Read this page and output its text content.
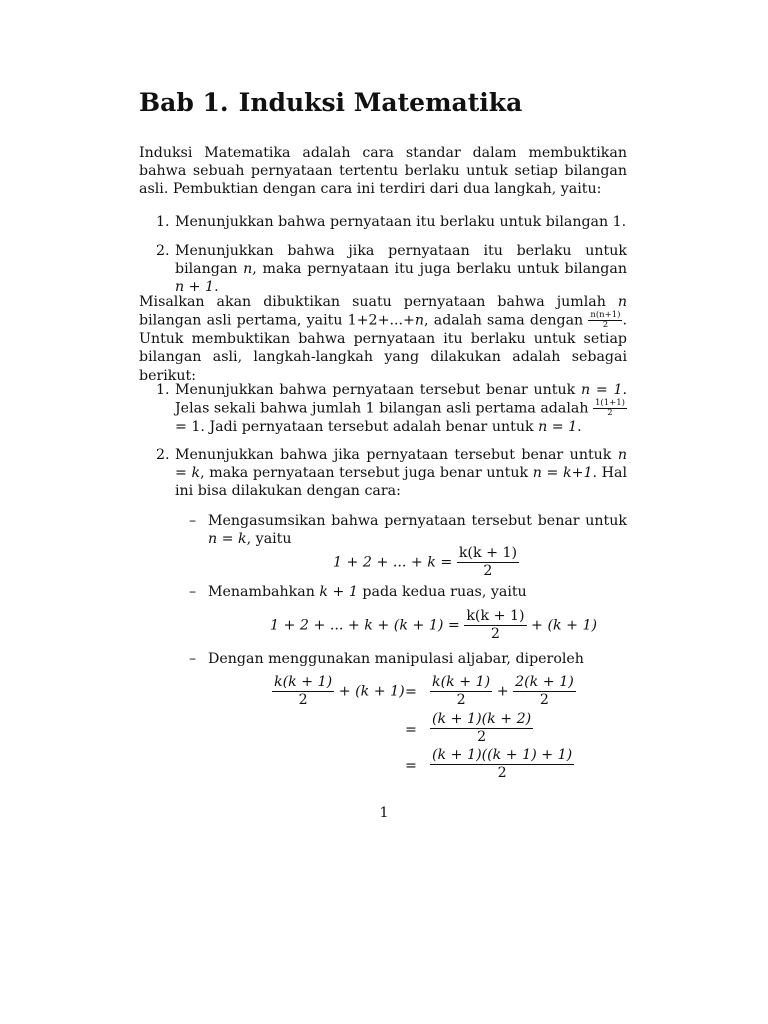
Bab 1. Induksi Matematika

Induksi Matematika adalah cara standar dalam membuktikan bahwa sebuah pernyataan tertentu berlaku untuk setiap bilangan asli. Pembuktian dengan cara ini terdiri dari dua langkah, yaitu:

1. Menunjukkan bahwa pernyataan itu berlaku untuk bilangan 1.
2. Menunjukkan bahwa jika pernyataan itu berlaku untuk bilangan n, maka pernyataan itu juga berlaku untuk bilangan n + 1.

Misalkan akan dibuktikan suatu pernyataan bahwa jumlah n bilangan asli pertama, yaitu 1+2+...+n, adalah sama dengan $\frac{n(n+1)}{2}$ . Untuk membuktikan bahwa pernyataan itu berlaku untuk setiap bilangan asli, langkah-langkah yang dilakukan adalah sebagai berikut:

1. Menunjukkan bahwa pernyataan tersebut benar untuk n = 1. Jelas sekali bahwa jumlah 1 bilangan asli pertama adalah $\frac{1(1+1)}{2}$
= 1. Jadi pernyataan tersebut adalah benar untuk n = 1.
2. Menunjukkan bahwa jika pernyataan tersebut benar untuk n = k, maka pernyataan tersebut juga benar untuk n = k+1. Hal ini bisa dilakukan dengan cara:
– Mengasumsikan bahwa pernyataan tersebut benar untuk n = k, yaitu
1 + 2 + ... + $k = \frac{k(k + 1)}{2}$
– Menambahkan k + 1 pada kedua ruas, yaitu
1 + 2 + ... + $k + (k + 1) = \frac{k(k + 1)}{2} + (k + 1)$
– Dengan menggunakan manipulasi aljabar, diperoleh
$\frac{k(k + 1)}{2} + (k + 1) = \frac{k(k + 1)}{2} + \frac{2(k + 1)}{2}$
= $\frac{(k + 1)(k + 2)}{2}$
= $\frac{(k + 1)((k + 1) + 1)}{2}$
1
